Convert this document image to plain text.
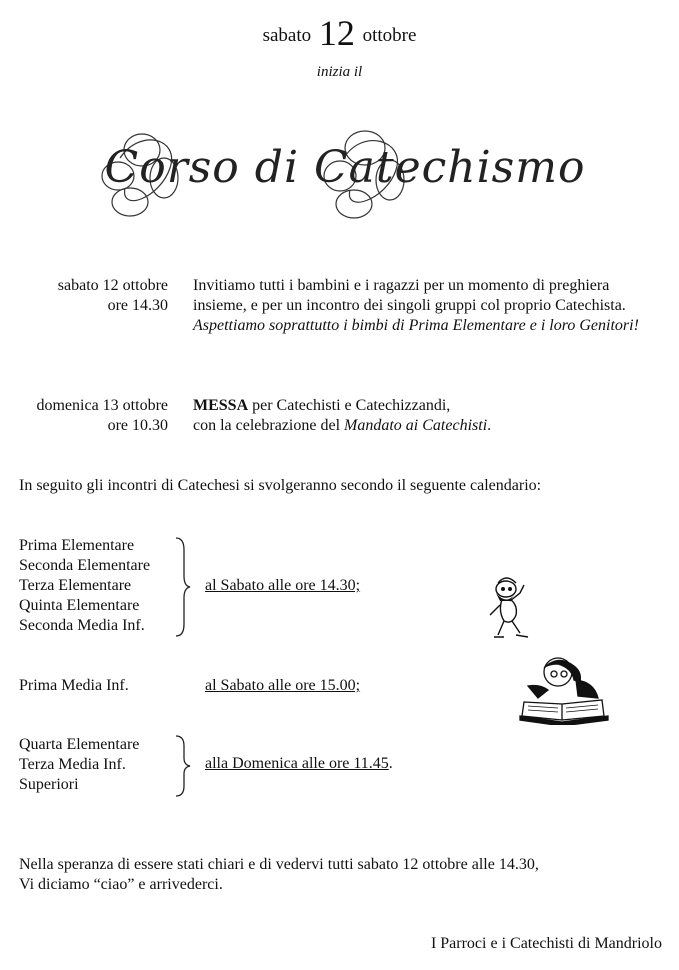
sabato 12 ottobre
inizia il
Corso di Catechismo
sabato 12 ottobre
ore 14.30
Invitiamo tutti i bambini e i ragazzi per un momento di preghiera insieme, e per un incontro dei singoli gruppi col proprio Catechista.
Aspettiamo soprattutto i bimbi di Prima Elementare e i loro Genitori!
domenica 13 ottobre
ore 10.30
MESSA per Catechisti e Catechizzandi,
con la celebrazione del Mandato ai Catechisti.
In seguito gli incontri di Catechesi si svolgeranno secondo il seguente calendario:
Prima Elementare
Seconda Elementare
Terza Elementare
Quinta Elementare
Seconda Media Inf.
al Sabato alle ore 14.30;
Prima Media Inf.	al Sabato alle ore 15.00;
Quarta Elementare
Terza Media Inf.
Superiori
alla Domenica alle ore 11.45.
Nella speranza di essere stati chiari e di vedervi tutti sabato 12 ottobre alle 14.30,
Vi diciamo “ciao” e arrivederci.
I Parroci e i Catechisti di Mandriolo
